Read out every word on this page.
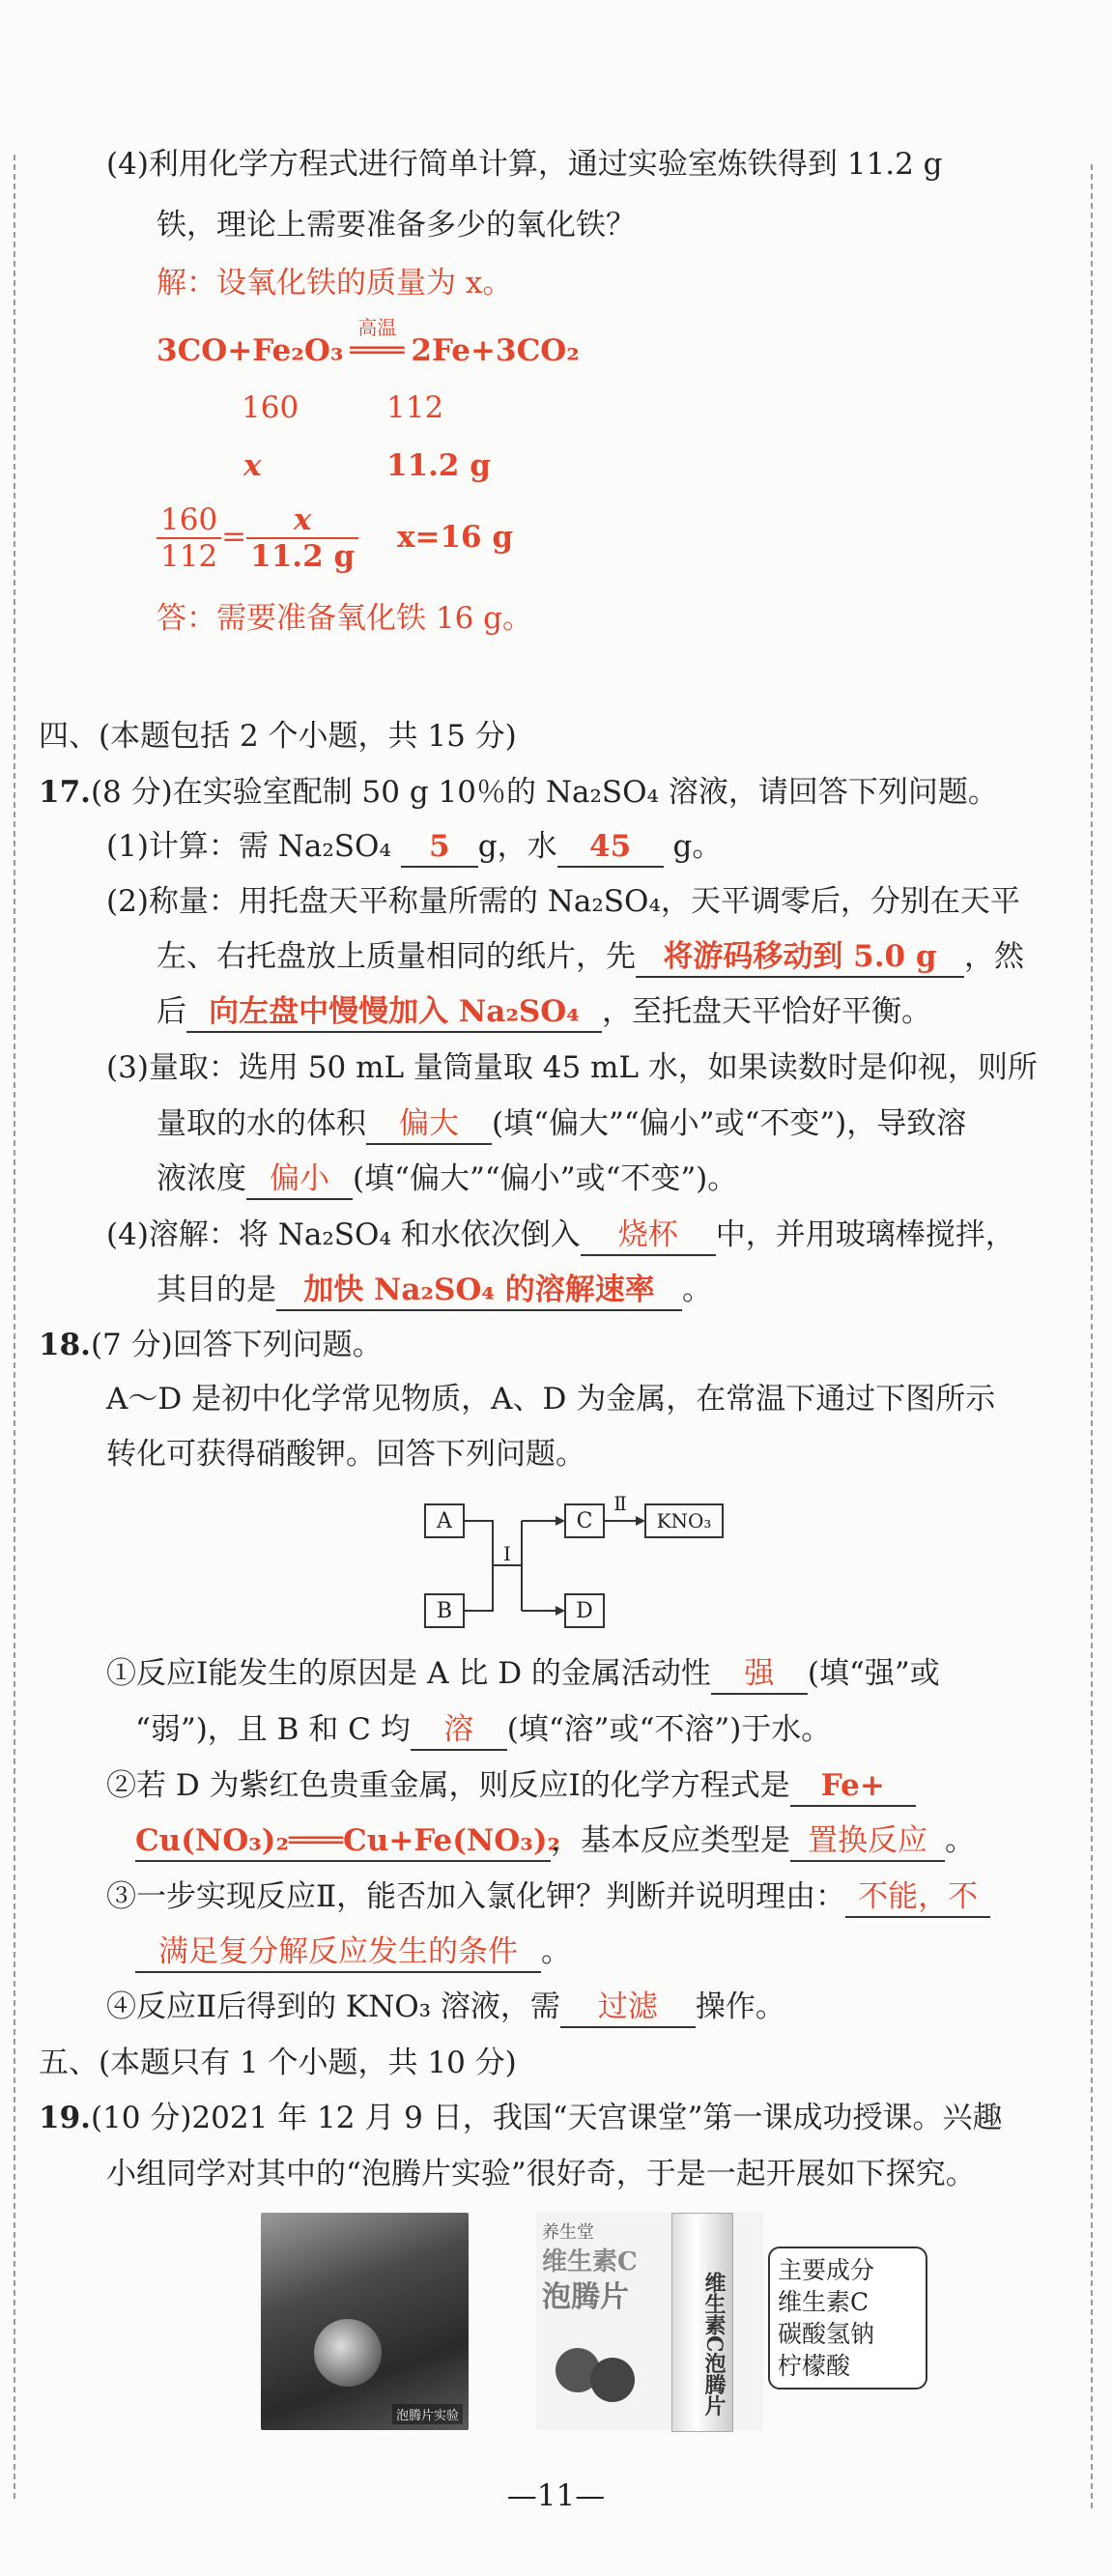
(4)利用化学方程式进行简单计算，通过实验室炼铁得到 11.2 g
铁，理论上需要准备多少的氧化铁？
解：设氧化铁的质量为 x。
3CO+Fe₂O₃
高温
═══ 2Fe+3CO₂
160	112
x	11.2 g
$\frac{160}{112} = \frac{x}{11.2 g} x=16$ g
答：需要准备氧化铁 16 g。
四、(本题包括 2 个小题，共 15 分)
17.(8 分)在实验室配制 50 g 10％的 Na₂SO₄ 溶液，请回答下列问题。
(1)计算：需 Na₂SO₄ 5 g，水 45 g。
(2)称量：用托盘天平称量所需的 Na₂SO₄，天平调零后，分别在天平
左、右托盘放上质量相同的纸片，先 将游码移动到 5.0 g ，然
后 向左盘中慢慢加入 Na₂SO₄ ，至托盘天平恰好平衡。
(3)量取：选用 50 mL 量筒量取 45 mL 水，如果读数时是仰视，则所
量取的水的体积 偏大 (填“偏大”“偏小”或“不变”)，导致溶
液浓度 偏小 (填“偏大”“偏小”或“不变”)。
(4)溶解：将 Na₂SO₄ 和水依次倒入 烧杯 中，并用玻璃棒搅拌，
其目的是 加快 Na₂SO₄ 的溶解速率 。
18.(7 分)回答下列问题。
A～D 是初中化学常见物质，A、D 为金属，在常温下通过下图所示
转化可获得硝酸钾。回答下列问题。
A
B
Ⅰ
C
D
Ⅱ
KNO₃
①反应Ⅰ能发生的原因是 A 比 D 的金属活动性 强 (填“强”或
“弱”)，且 B 和 C 均 溶 (填“溶”或“不溶”)于水。
②若 D 为紫红色贵重金属，则反应Ⅰ的化学方程式是 Fe+
Cu(NO₃)₂═══Cu+Fe(NO₃)₂，基本反应类型是 置换反应 。
③一步实现反应Ⅱ，能否加入氯化钾？判断并说明理由： 不能，不
满足复分解反应发生的条件 。
④反应Ⅱ后得到的 KNO₃ 溶液，需 过滤 操作。
五、(本题只有 1 个小题，共 10 分)
19.(10 分)2021 年 12 月 9 日，我国“天宫课堂”第一课成功授课。兴趣
小组同学对其中的“泡腾片实验”很好奇，于是一起开展如下探究。
泡腾片实验
养生堂
维生素C
泡腾片	维生素C泡腾片
主要成分
维生素C
碳酸氢钠
柠檬酸
—11—
